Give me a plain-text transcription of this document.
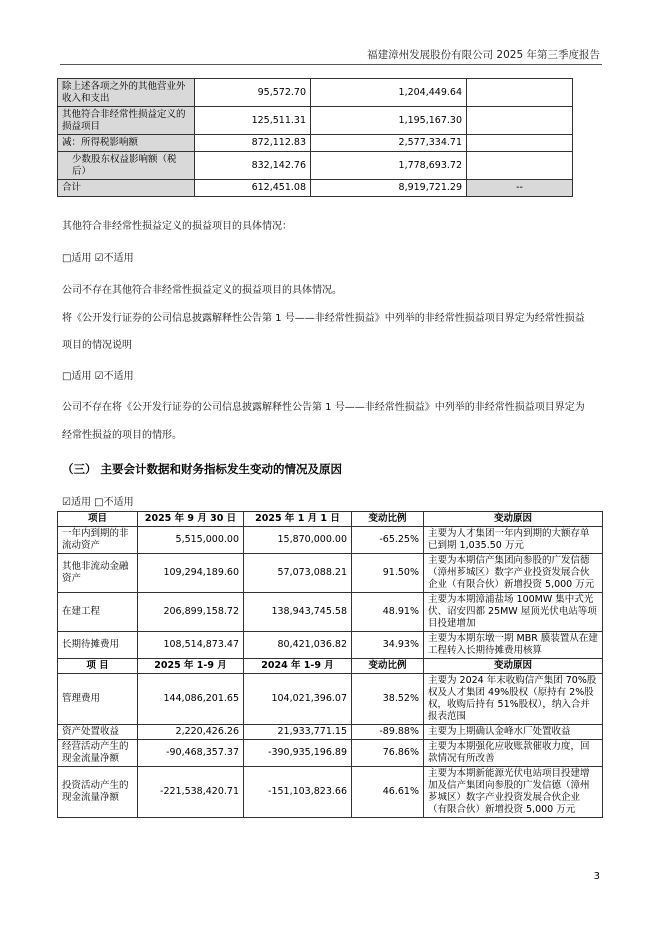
福建漳州发展股份有限公司 2025 年第三季度报告
除上述各项之外的其他营业外收入和支出	95,572.70	1,204,449.64	
其他符合非经常性损益定义的损益项目	125,511.31	1,195,167.30	
减：所得税影响额	872,112.83	2,577,334.71	
少数股东权益影响额（税后）	832,142.76	1,778,693.72	
合计	612,451.08	8,919,721.29	--
其他符合非经常性损益定义的损益项目的具体情况：
□适用 ☑不适用
公司不存在其他符合非经常性损益定义的损益项目的具体情况。
将《公开发行证券的公司信息披露解释性公告第 1 号——非经常性损益》中列举的非经常性损益项目界定为经常性损益
项目的情况说明
□适用 ☑不适用
公司不存在将《公开发行证券的公司信息披露解释性公告第 1 号——非经常性损益》中列举的非经常性损益项目界定为
经常性损益的项目的情形。
（三） 主要会计数据和财务指标发生变动的情况及原因
☑适用 □不适用
项目	2025 年 9 月 30 日	2025 年 1 月 1 日	变动比例	变动原因
一年内到期的非流动资产	5,515,000.00	15,870,000.00	-65.25%	主要为人才集团一年内到期的大额存单已到期 1,035.50 万元
其他非流动金融资产	109,294,189.60	57,073,088.21	91.50%	主要为本期信产集团向参股的广发信德（漳州芗城区）数字产业投资发展合伙企业（有限合伙）新增投资 5,000 万元
在建工程	206,899,158.72	138,943,745.58	48.91%	主要为本期漳浦盐场 100MW 集中式光伏、诏安四都 25MW 屋顶光伏电站等项目投建增加
长期待摊费用	108,514,873.47	80,421,036.82	34.93%	主要为本期东墩一期 MBR 膜装置从在建工程转入长期待摊费用核算
项 目	2025 年 1-9 月	2024 年 1-9 月	变动比例	变动原因
管理费用	144,086,201.65	104,021,396.07	38.52%	主要为 2024 年末收购信产集团 70%股权及人才集团 49%股权（原持有 2%股权，收购后持有 51%股权），纳入合并报表范围
资产处置收益	2,220,426.26	21,933,771.15	-89.88%	主要为上期确认金峰水厂处置收益
经营活动产生的现金流量净额	-90,468,357.37	-390,935,196.89	76.86%	主要为本期强化应收账款催收力度，回款情况有所改善
投资活动产生的现金流量净额	-221,538,420.71	-151,103,823.66	46.61%	主要为本期新能源光伏电站项目投建增加及信产集团向参股的广发信德（漳州芗城区）数字产业投资发展合伙企业（有限合伙）新增投资 5,000 万元
3
